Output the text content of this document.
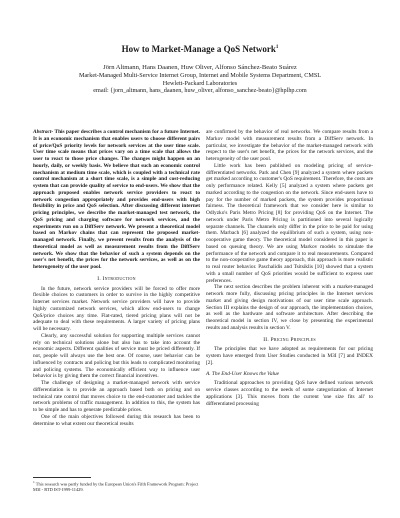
How to Market-Manage a QoS Network$^1$
Jörn Altmann, Hans Daanen, Huw Oliver, Alfonso Sánchez-Beato Suárez
Market-Managed Multi-Service Internet Group, Internet and Mobile Systems Department, CMSL
Hewlett-Packard Laboratories
email: {jorn_altmann, hans_daanen, huw_oliver, alfonso_sanchez-beato}@hplhp.com

Abstract- This paper describes a control mechanism for a future Internet. It is an economic mechanism that enables users to choose different pairs of price/QoS priority levels for network services at the user time scale. User time scale means that prices vary on a time scale that allows the user to react to those price changes. The changes might happen on an hourly, daily, or weekly basis. We believe that such an economic control mechanism at medium time scale, which is coupled with a technical rate control mechanism at a short time scale, is a simple and cost-reducing system that can provide quality of service to end-users. We show that the approach proposed enables network service providers to react to network congestion appropriately and provides end-users with high flexibility in price and QoS selection. After discussing different internet pricing principles, we describe the market-managed test network, the QoS pricing and charging software for network services, and the experiments run on a DiffServ network. We present a theoretical model based on Markov chains that can represent the proposed market-managed network. Finally, we present results from the analysis of the theoretical model as well as measurement results from the DiffServ network. We show that the behavior of such a system depends on the user's net benefit, the prices for the network services, as well as on the heterogeneity of the user pool.

I. Introduction

In the future, network service providers will be forced to offer more flexible choices to customers in order to survive in the highly competitive Internet services market. Network service providers will have to provide highly customized network services, which allow end-users to change QoS/price choices any time. Flat-rated, tiered pricing plans will not be adequate to deal with these requirements. A larger variety of pricing plans will be necessary.

Clearly, any successful solution for supporting multiple services cannot rely on technical solutions alone but also has to take into account the economic aspects. Different qualities of service must be priced differently. If not, people will always use the best one. Of course, user behavior can be influenced by contracts and policing but this leads to complicated monitoring and policing systems. The economically efficient way to influence user behavior is by giving them the correct financial incentives.

The challenge of designing a market-managed network with service differentiation is to provide an approach based both on pricing and on technical rate control that moves choice to the end-customer and tackles the network problems of traffic management. In addition to this, the system has to be simple and has to generate predictable prices.

One of the main objectives followed during this research has been to determine to what extent our theoretical results

$^1$ This research was partly funded by the European Union's Fifth Framework Program: Project M3I - RTD IST-1999-11429.

are confirmed by the behavior of real networks. We compare results from a Markov model with measurement results from a DiffServ network. In particular, we investigate the behavior of the market-managed network with respect to the user's net benefit, the prices for the network services, and the heterogeneity of the user pool.

Little work has been published on modeling pricing of service-differentiated networks. Park and Chen [9] analyzed a system where packets get marked according to customer's QoS requirement. Therefore, the costs are only performance related. Kelly [5] analyzed a system where packets get marked according to the congestion on the network. Since end-users have to pay for the number of marked packets, the system provides proportional fairness. The theoretical framework that we consider here is similar to Odlyzko's Paris Metro Pricing [8] for providing QoS on the Internet. The network under Paris Metro Pricing is partitioned into several logically separate channels. The channels only differ in the price to be paid for using them. Marbach [6] analyzed the equilibrium of such a system, using non-cooperative game theory. The theoretical model considered in this paper is based on queuing theory. We are using Markov models to simulate the performance of the network and compare it to real measurements. Compared to the non-cooperative game theory approach, this approach is more realistic to real router behavior. Paschalidis and Tsitsiklis [10] showed that a system with a small number of QoS priorities would be sufficient to express user preferences.

The next section describes the problem inherent with a market-managed network more fully, discussing pricing principles in the Internet services market and giving design motivations of our user time scale approach. Section III explains the design of our approach, the implementation choices, as well as the hardware and software architecture. After describing the theoretical model in section IV, we close by presenting the experimental results and analysis results in section V.

II. Pricing Principles

The principles that we have adopted as requirements for our pricing system have emerged from User Studies conducted in M3I [7] and INDEX [2].

A. The End-User Knows the Value

Traditional approaches to providing QoS have defined various network service classes according to the needs of some categorization of Internet applications [3]. This moves from the current 'one size fits all' to differentiated processing
